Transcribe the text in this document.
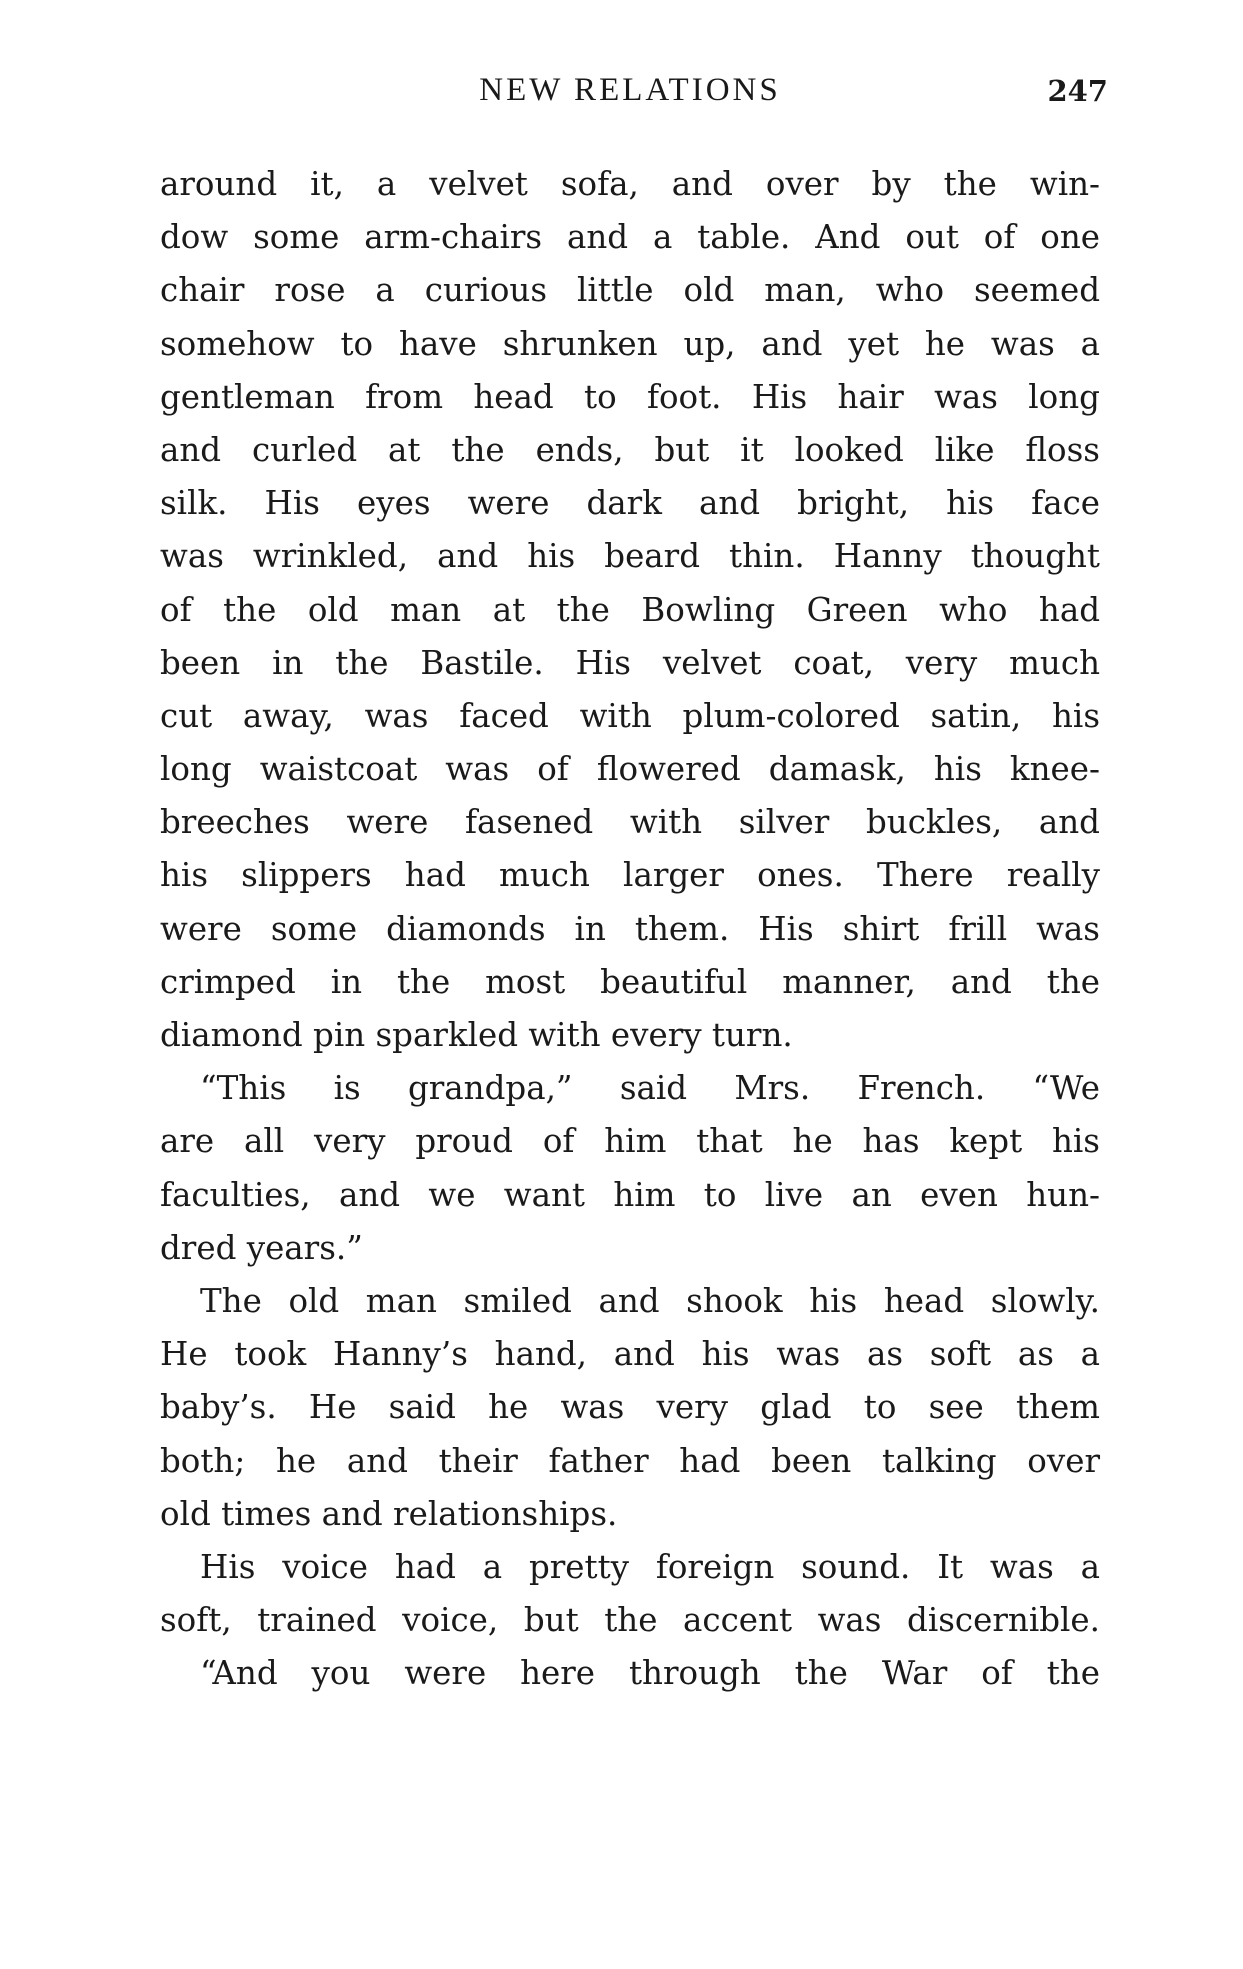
NEW RELATIONS	247
around it, a velvet sofa, and over by the win-
dow some arm-chairs and a table. And out of one
chair rose a curious little old man, who seemed
somehow to have shrunken up, and yet he was a
gentleman from head to foot. His hair was long
and curled at the ends, but it looked like floss
silk. His eyes were dark and bright, his face
was wrinkled, and his beard thin. Hanny thought
of the old man at the Bowling Green who had
been in the Bastile. His velvet coat, very much
cut away, was faced with plum-colored satin, his
long waistcoat was of flowered damask, his knee-
breeches were fasened with silver buckles, and
his slippers had much larger ones. There really
were some diamonds in them. His shirt frill was
crimped in the most beautiful manner, and the
diamond pin sparkled with every turn.
“This is grandpa,” said Mrs. French. “We
are all very proud of him that he has kept his
faculties, and we want him to live an even hun-
dred years.”
The old man smiled and shook his head slowly.
He took Hanny’s hand, and his was as soft as a
baby’s. He said he was very glad to see them
both; he and their father had been talking over
old times and relationships.
His voice had a pretty foreign sound. It was a
soft, trained voice, but the accent was discernible.
“And you were here through the War of the
